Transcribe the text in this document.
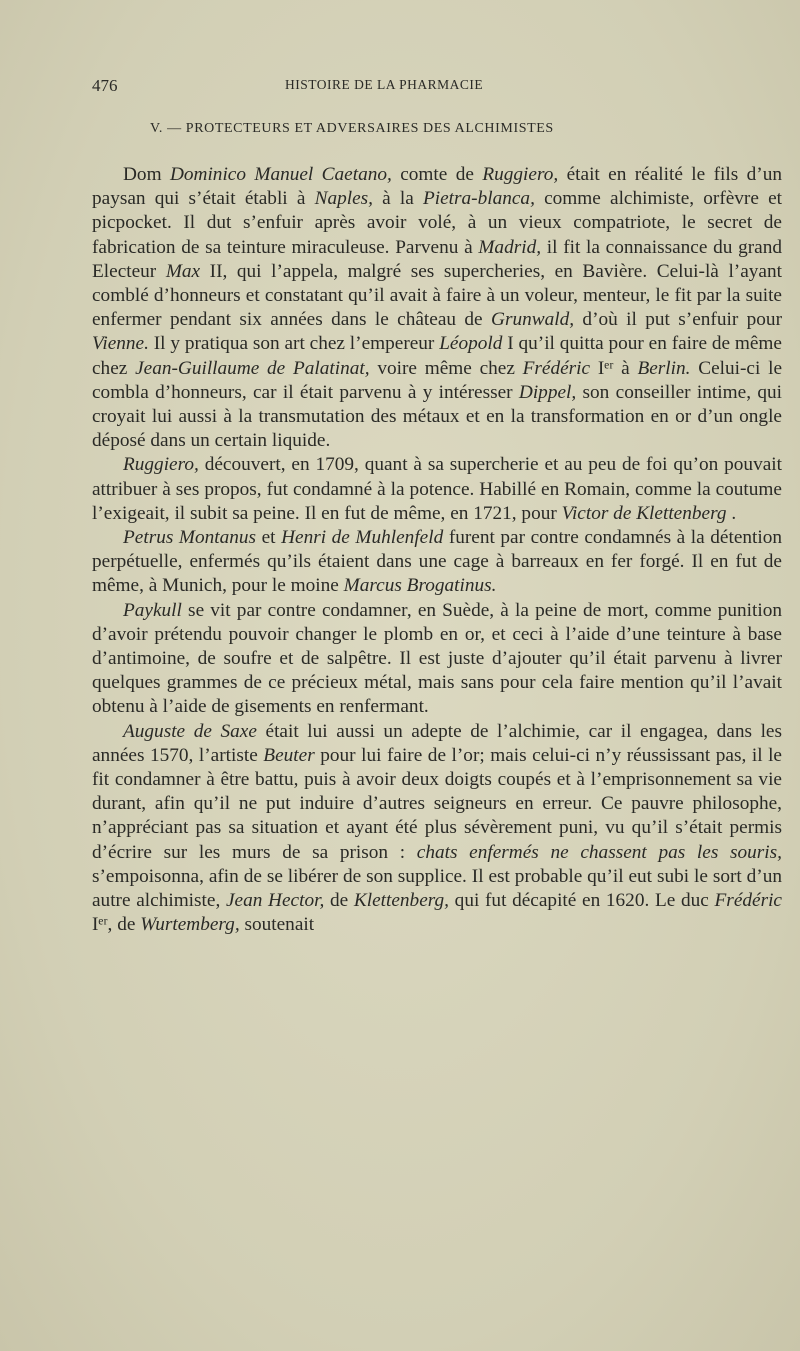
476	HISTOIRE DE LA PHARMACIE
V. — PROTECTEURS ET ADVERSAIRES DES ALCHIMISTES

Dom Dominico Manuel Caetano, comte de Ruggiero, était en réalité le fils d’un paysan qui s’était établi à Naples, à la Pietra-blanca, comme alchimiste, orfèvre et picpocket. Il dut s’enfuir après avoir volé, à un vieux compatriote, le secret de fabrication de sa teinture miraculeuse. Parvenu à Madrid, il fit la connaissance du grand Electeur Max II, qui l’appela, malgré ses supercheries, en Bavière. Celui-là l’ayant comblé d’honneurs et constatant qu’il avait à faire à un voleur, menteur, le fit par la suite enfermer pendant six années dans le château de Grunwald, d’où il put s’enfuir pour Vienne. Il y pratiqua son art chez l’empereur Léopold I qu’il quitta pour en faire de même chez Jean-Guillaume de Palatinat, voire même chez Frédéric Iᵉʳ à Berlin. Celui-ci le combla d’honneurs, car il était parvenu à y intéresser Dippel, son conseiller intime, qui croyait lui aussi à la transmutation des métaux et en la transformation en or d’un ongle déposé dans un certain liquide.

Ruggiero, découvert, en 1709, quant à sa supercherie et au peu de foi qu’on pouvait attribuer à ses propos, fut condamné à la potence. Habillé en Romain, comme la coutume l’exigeait, il subit sa peine. Il en fut de même, en 1721, pour Victor de Klettenberg .

Petrus Montanus et Henri de Muhlenfeld furent par contre condamnés à la détention perpétuelle, enfermés qu’ils étaient dans une cage à barreaux en fer forgé. Il en fut de même, à Munich, pour le moine Marcus Brogatinus.

Paykull se vit par contre condamner, en Suède, à la peine de mort, comme punition d’avoir prétendu pouvoir changer le plomb en or, et ceci à l’aide d’une teinture à base d’antimoine, de soufre et de salpêtre. Il est juste d’ajouter qu’il était parvenu à livrer quelques grammes de ce précieux métal, mais sans pour cela faire mention qu’il l’avait obtenu à l’aide de gisements en renfermant.

Auguste de Saxe était lui aussi un adepte de l’alchimie, car il engagea, dans les années 1570, l’artiste Beuter pour lui faire de l’or; mais celui-ci n’y réussissant pas, il le fit condamner à être battu, puis à avoir deux doigts coupés et à l’emprisonnement sa vie durant, afin qu’il ne put induire d’autres seigneurs en erreur. Ce pauvre philosophe, n’appréciant pas sa situation et ayant été plus sévèrement puni, vu qu’il s’était permis d’écrire sur les murs de sa prison : chats enfermés ne chassent pas les souris, s’empoisonna, afin de se libérer de son supplice. Il est probable qu’il eut subi le sort d’un autre alchimiste, Jean Hector, de Klettenberg, qui fut décapité en 1620. Le duc Frédéric Iᵉʳ, de Wurtemberg, soutenait
